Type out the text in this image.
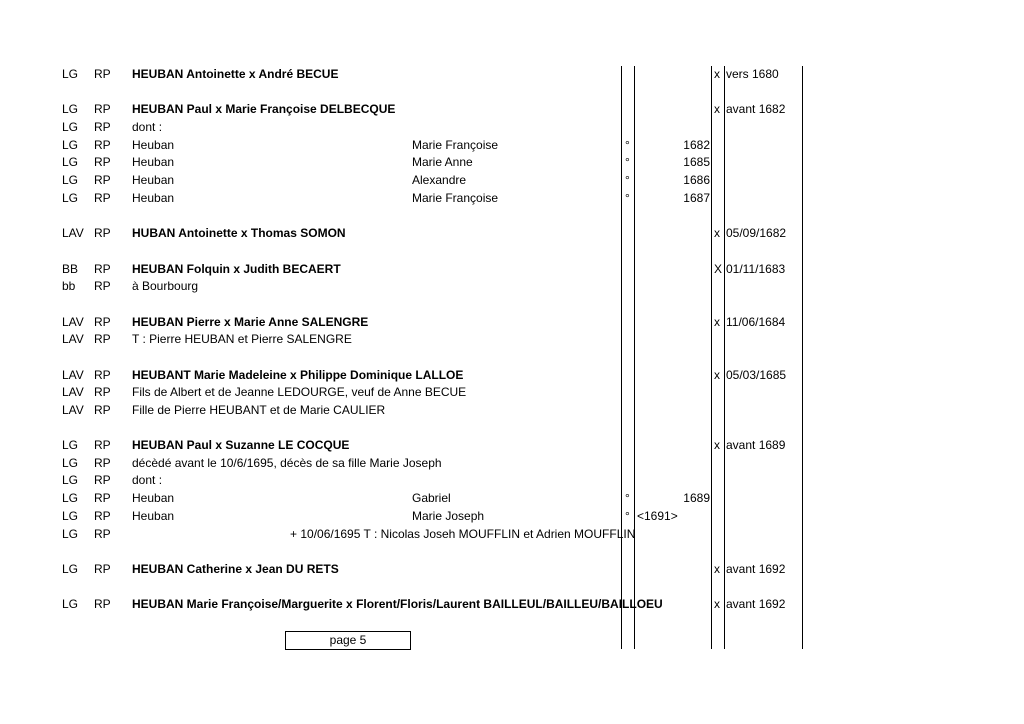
LG RP HEUBAN Antoinette x André BECUE	x vers 1680
LG RP HEUBAN Paul x Marie Françoise DELBECQUE	x avant 1682
LG RP dont :
LG RP Heuban	Marie Françoise	°	1682
LG RP Heuban	Marie Anne	°	1685
LG RP Heuban	Alexandre	°	1686
LG RP Heuban	Marie Françoise	°	1687
LAV RP HUBAN Antoinette x Thomas SOMON	x 05/09/1682
BB RP HEUBAN Folquin x Judith BECAERT	X 01/11/1683
bb RP à Bourbourg
LAV RP HEUBAN Pierre x Marie Anne SALENGRE	x 11/06/1684
LAV RP T : Pierre HEUBAN et Pierre SALENGRE
LAV RP HEUBANT Marie Madeleine x Philippe Dominique LALLOE	x 05/03/1685
LAV RP Fils de Albert et de Jeanne LEDOURGE, veuf de Anne BECUE
LAV RP Fille de Pierre HEUBANT et de Marie CAULIER
LG RP HEUBAN Paul x Suzanne LE COCQUE	x avant 1689
LG RP décèdé avant le 10/6/1695, décès de sa fille Marie Joseph
LG RP dont :
LG RP Heuban	Gabriel	°	1689
LG RP Heuban	Marie Joseph	° <1691>
LG RP	+ 10/06/1695 T : Nicolas Joseh MOUFFLIN et Adrien MOUFFLIN
LG RP HEUBAN Catherine x Jean DU RETS	x avant 1692
LG RP HEUBAN Marie Françoise/Marguerite x Florent/Floris/Laurent BAILLEUL/BAILLEU/BAILLOEU	x avant 1692
page 5
